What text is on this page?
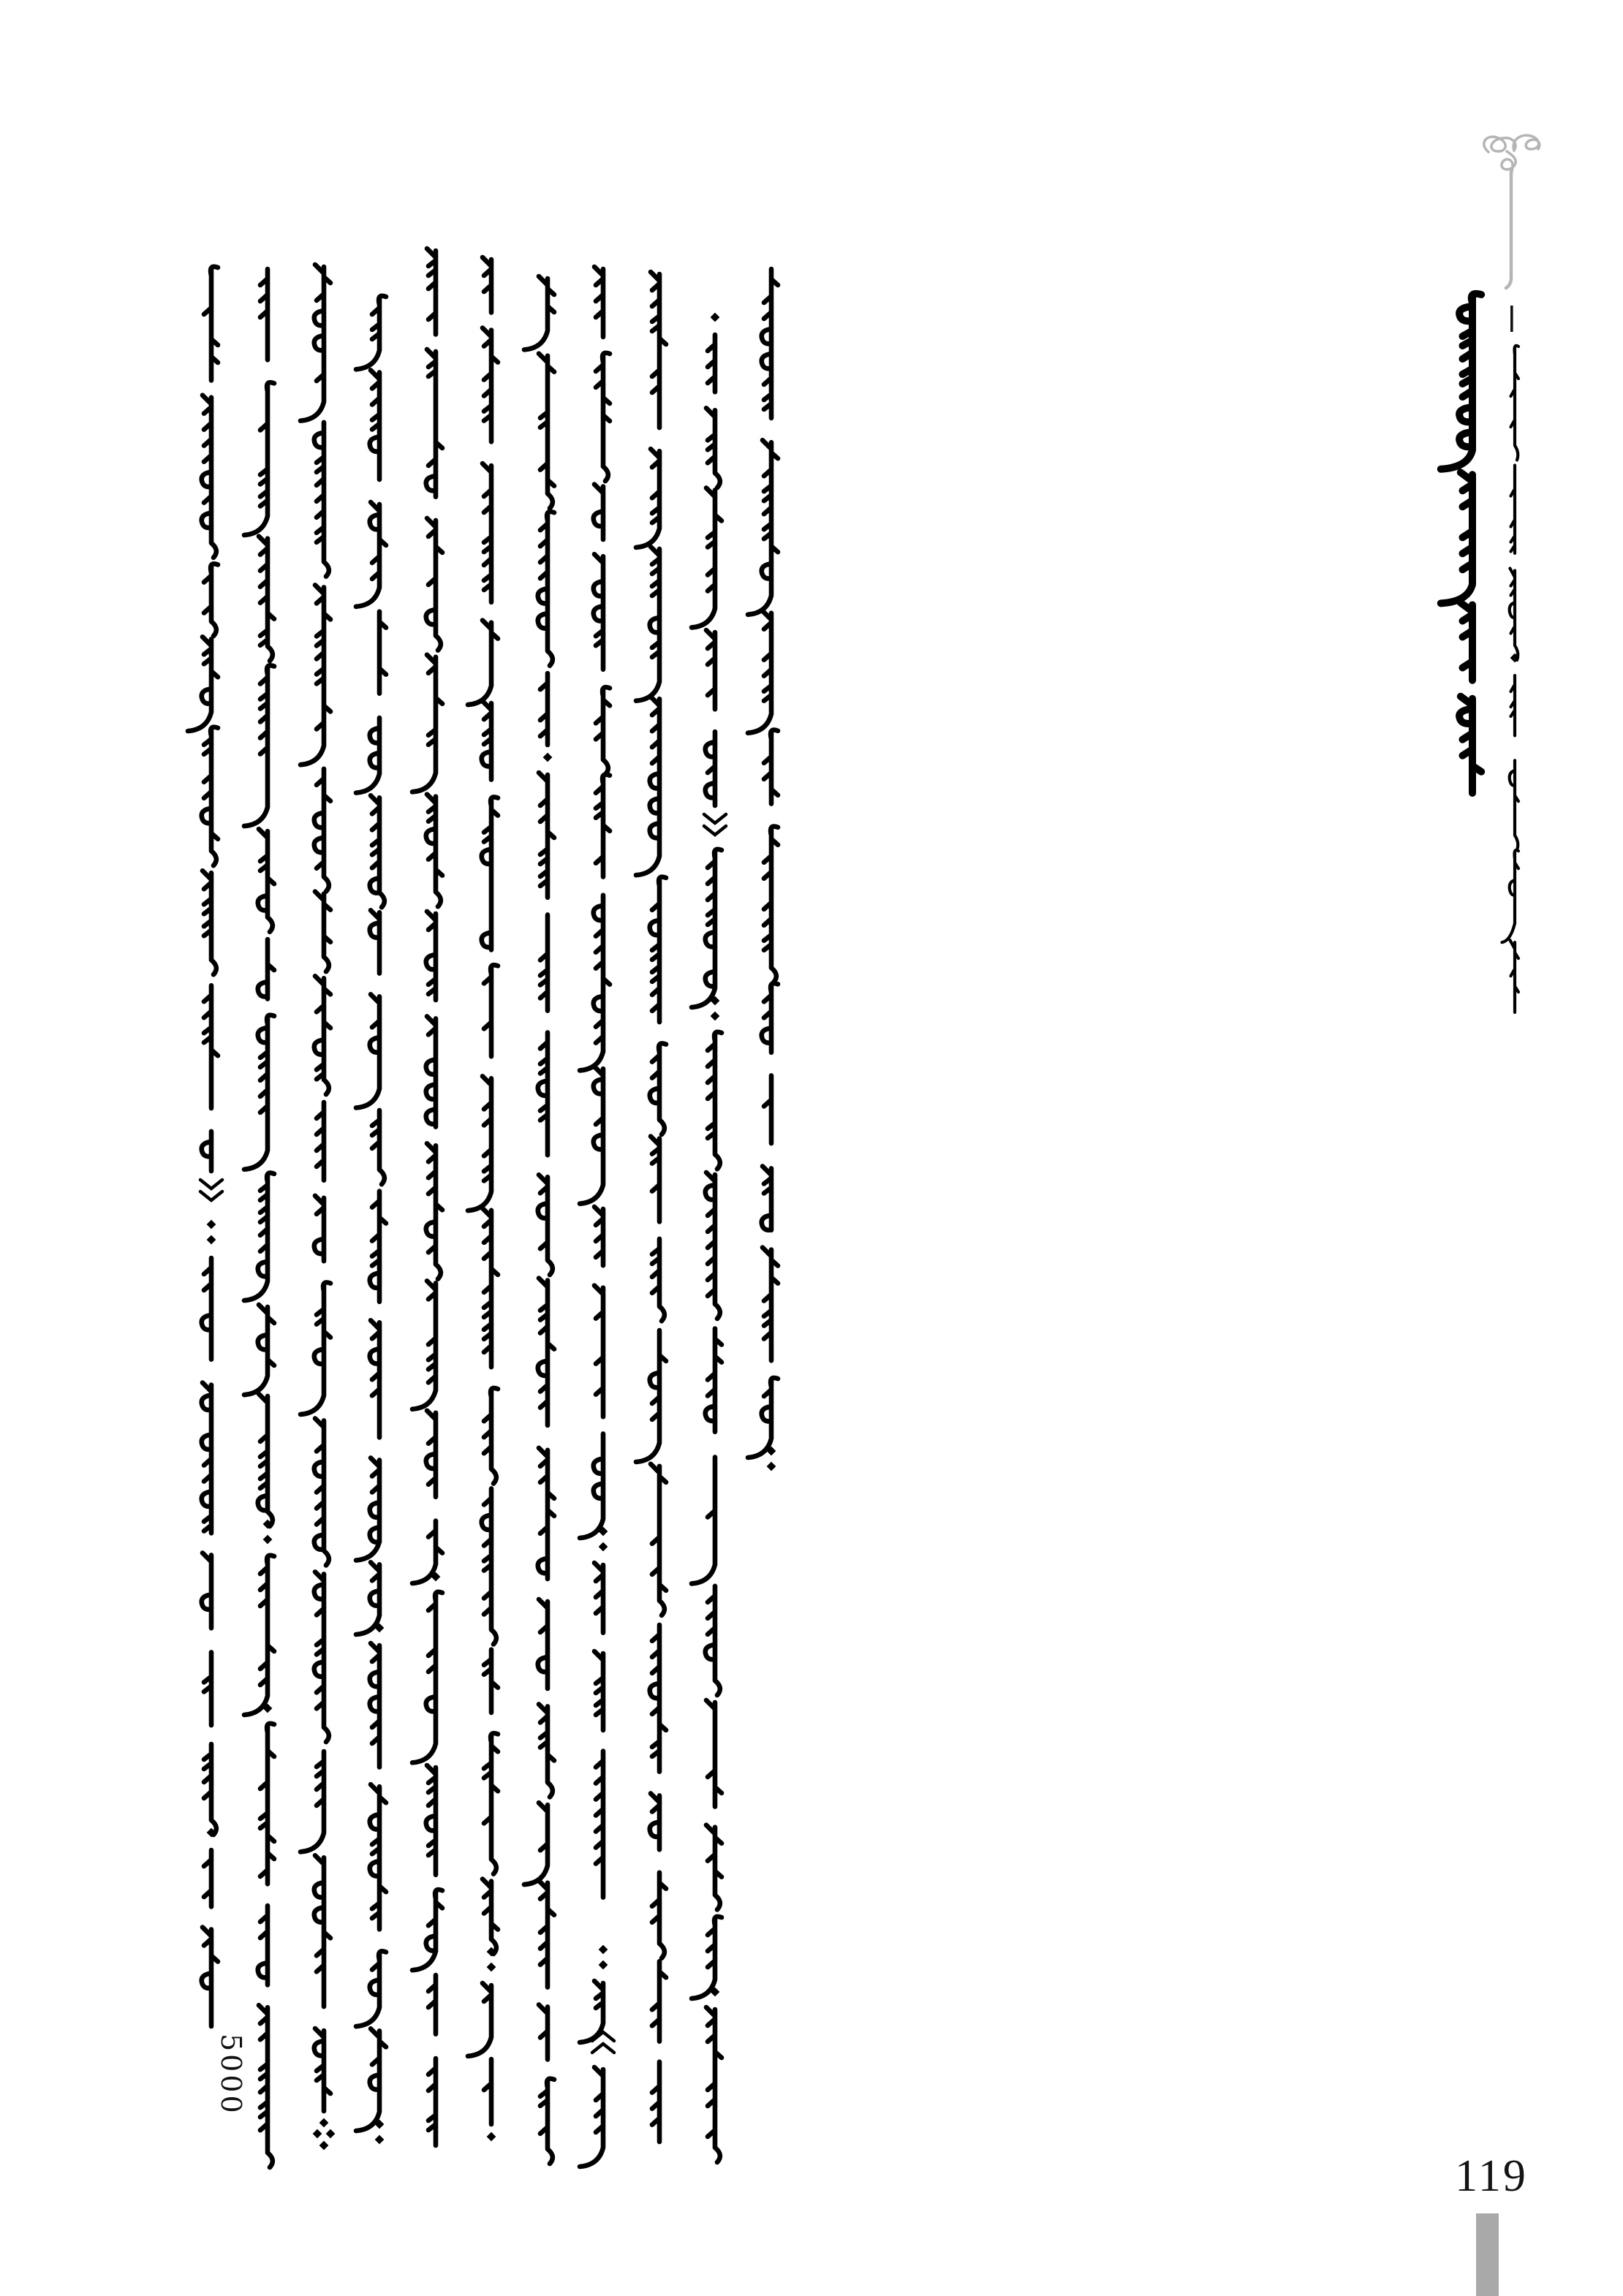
5000
119
